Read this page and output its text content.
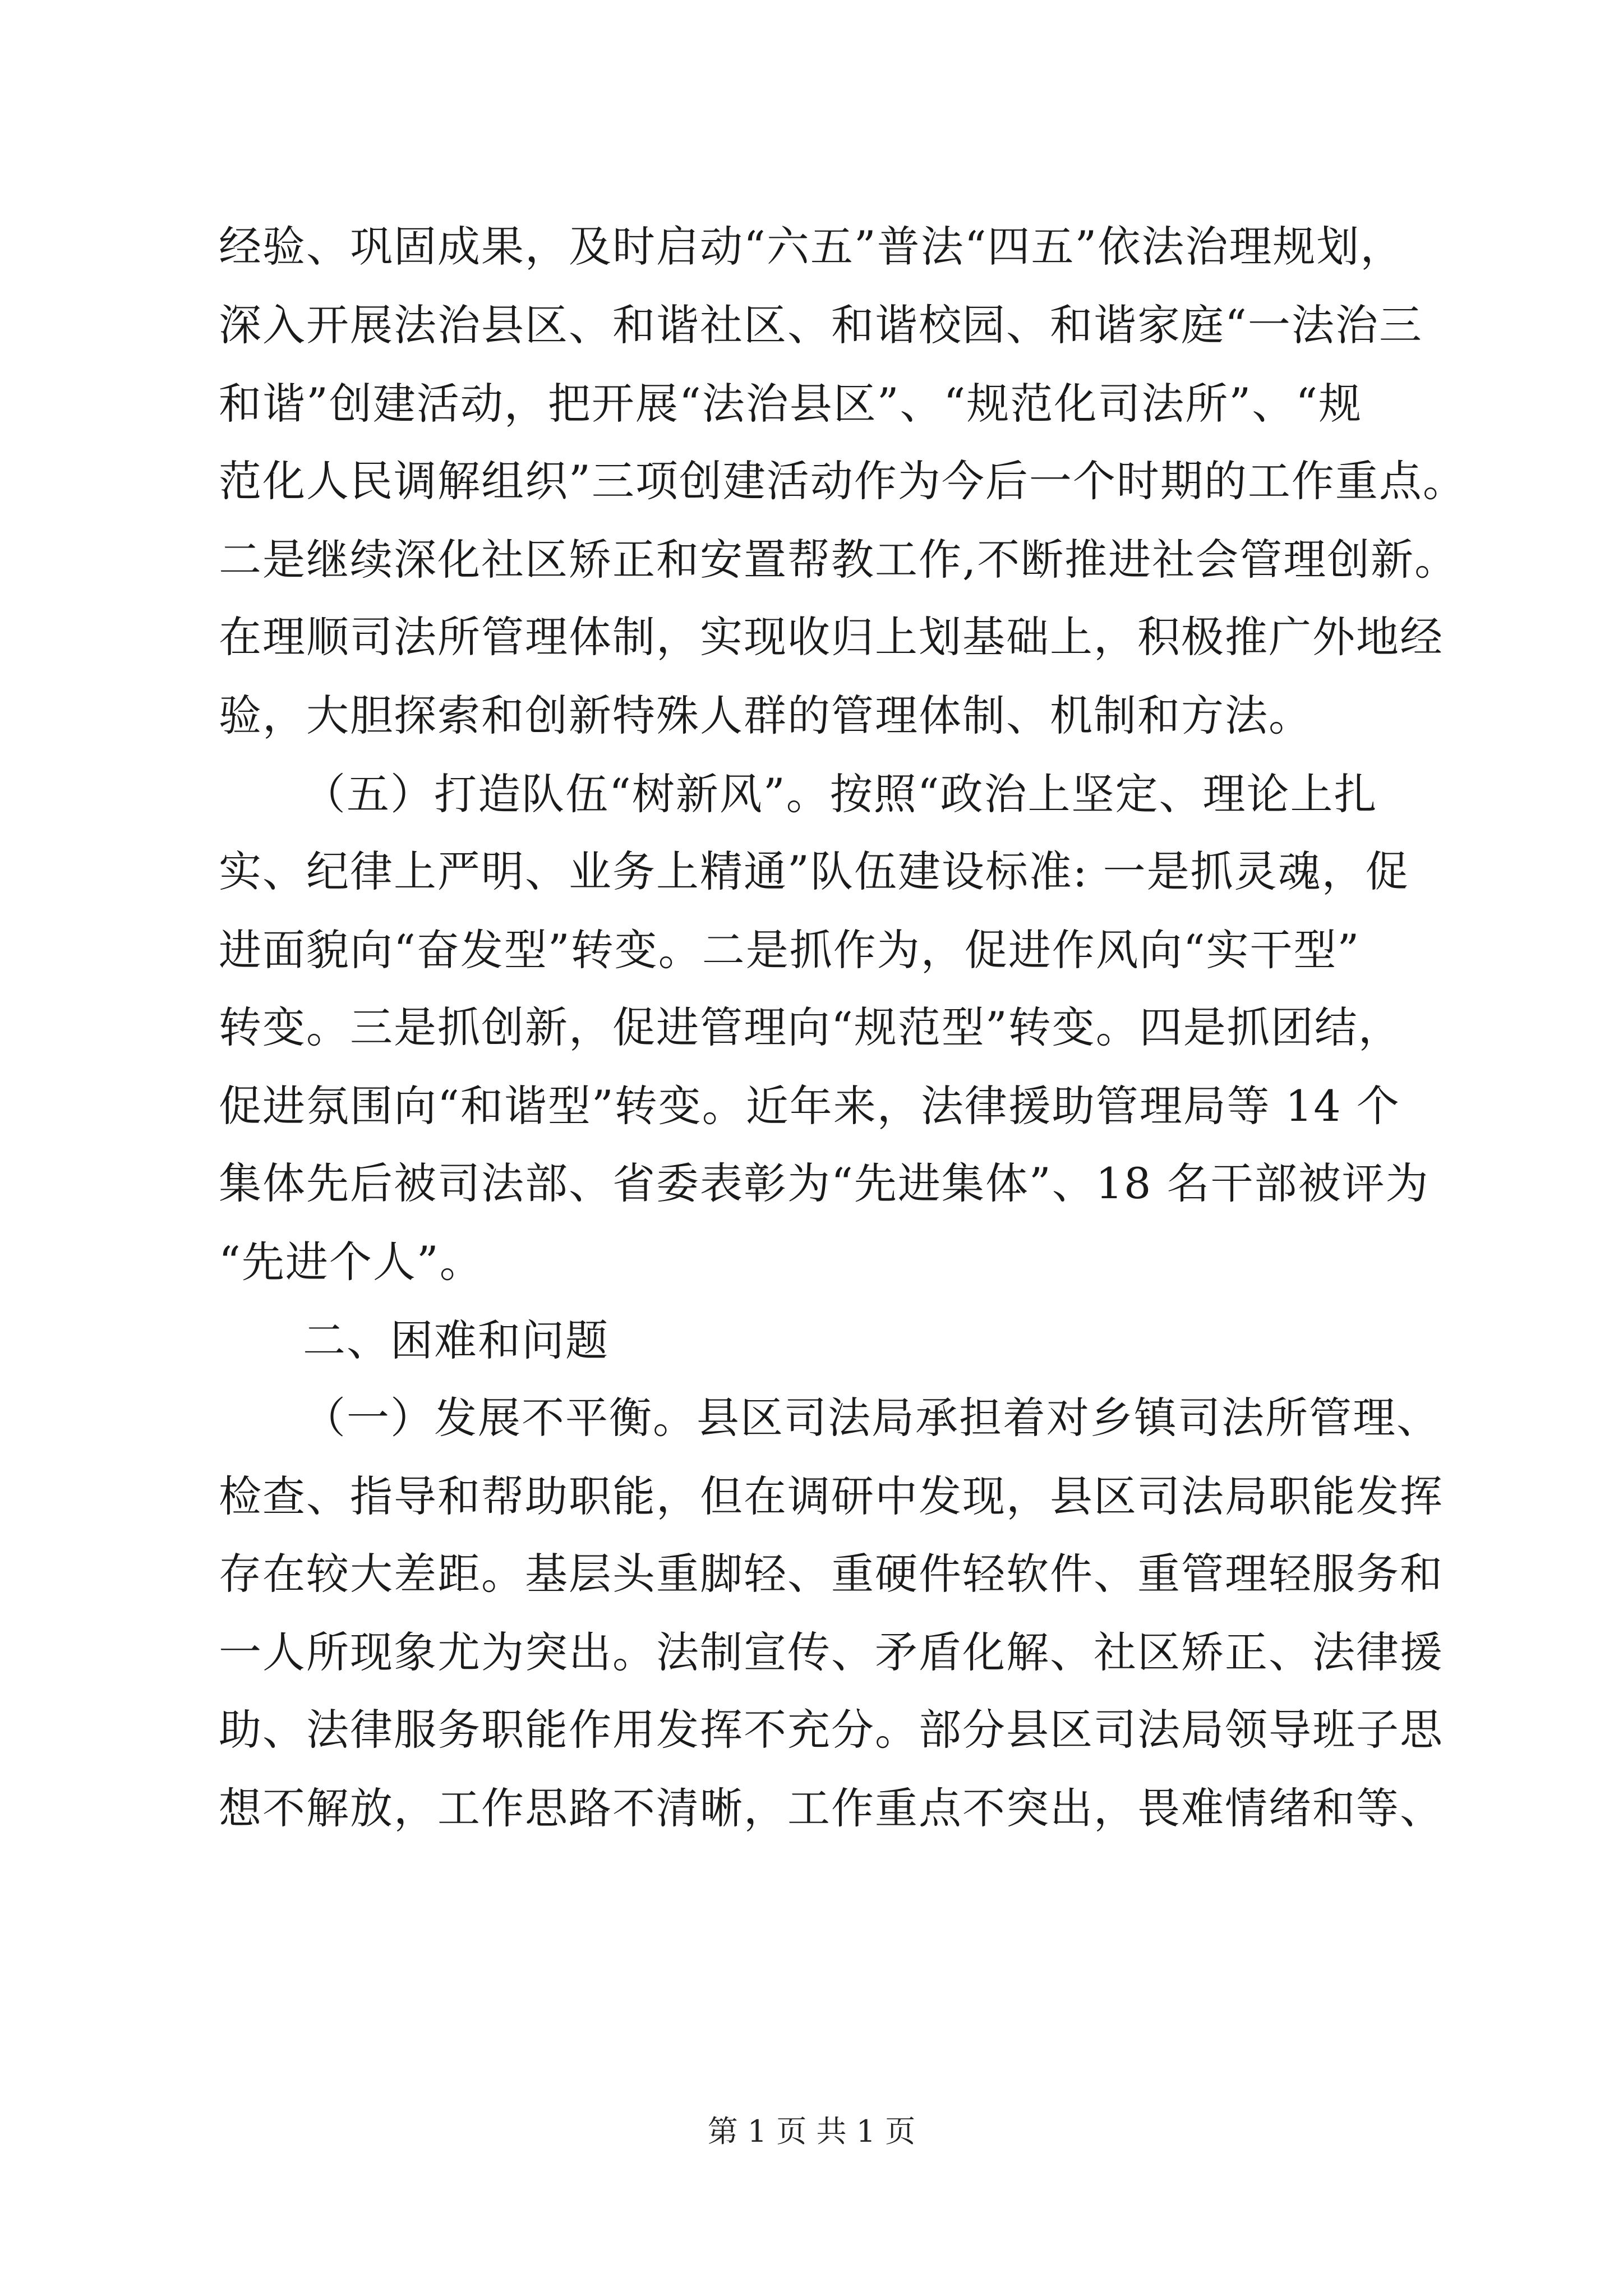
经验、巩固成果，及时启动“六五”普法“四五”依法治理规划，
深入开展法治县区、和谐社区、和谐校园、和谐家庭“一法治三
和谐”创建活动，把开展“法治县区”、“规范化司法所”、“规
范化人民调解组织”三项创建活动作为今后一个时期的工作重点。
二是继续深化社区矫正和安置帮教工作,不断推进社会管理创新。
在理顺司法所管理体制，实现收归上划基础上，积极推广外地经
验，大胆探索和创新特殊人群的管理体制、机制和方法。
（五）打造队伍“树新风”。按照“政治上坚定、理论上扎
实、纪律上严明、业务上精通”队伍建设标准: 一是抓灵魂，促
进面貌向“奋发型”转变。二是抓作为，促进作风向“实干型”
转变。三是抓创新，促进管理向“规范型”转变。四是抓团结，
促进氛围向“和谐型”转变。近年来，法律援助管理局等 14 个
集体先后被司法部、省委表彰为“先进集体”、18 名干部被评为
“先进个人”。
二、困难和问题
（一）发展不平衡。县区司法局承担着对乡镇司法所管理、
检查、指导和帮助职能，但在调研中发现，县区司法局职能发挥
存在较大差距。基层头重脚轻、重硬件轻软件、重管理轻服务和
一人所现象尤为突出。法制宣传、矛盾化解、社区矫正、法律援
助、法律服务职能作用发挥不充分。部分县区司法局领导班子思
想不解放，工作思路不清晰，工作重点不突出，畏难情绪和等、
第 1 页 共 1 页
